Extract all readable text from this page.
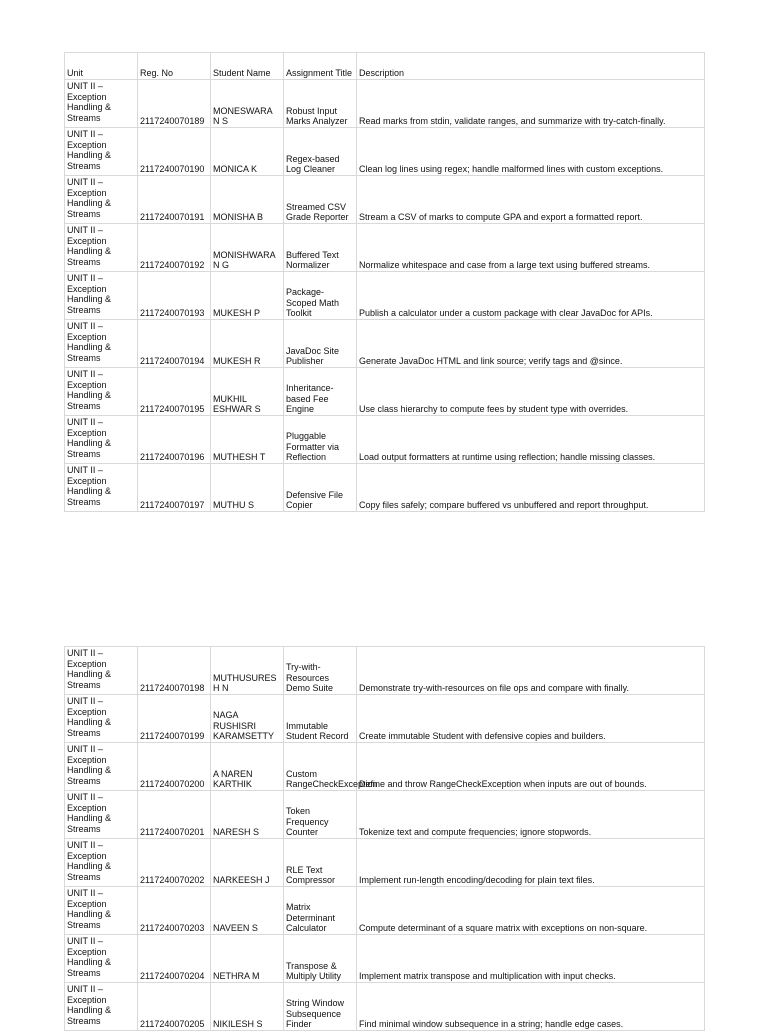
Unit	Reg. No	Student Name	Assignment Title	Description
UNIT II – Exception Handling & Streams	2117240070189	MONESWARA N S	Robust Input Marks Analyzer	Read marks from stdin, validate ranges, and summarize with try-catch-finally.
UNIT II – Exception Handling & Streams	2117240070190	MONICA K	Regex-based Log Cleaner	Clean log lines using regex; handle malformed lines with custom exceptions.
UNIT II – Exception Handling & Streams	2117240070191	MONISHA B	Streamed CSV Grade Reporter	Stream a CSV of marks to compute GPA and export a formatted report.
UNIT II – Exception Handling & Streams	2117240070192	MONISHWARA N G	Buffered Text Normalizer	Normalize whitespace and case from a large text using buffered streams.
UNIT II – Exception Handling & Streams	2117240070193	MUKESH P	Package-Scoped Math Toolkit	Publish a calculator under a custom package with clear JavaDoc for APIs.
UNIT II – Exception Handling & Streams	2117240070194	MUKESH R	JavaDoc Site Publisher	Generate JavaDoc HTML and link source; verify tags and @since.
UNIT II – Exception Handling & Streams	2117240070195	MUKHIL ESHWAR S	Inheritance-based Fee Engine	Use class hierarchy to compute fees by student type with overrides.
UNIT II – Exception Handling & Streams	2117240070196	MUTHESH T	Pluggable Formatter via Reflection	Load output formatters at runtime using reflection; handle missing classes.
UNIT II – Exception Handling & Streams	2117240070197	MUTHU S	Defensive File Copier	Copy files safely; compare buffered vs unbuffered and report throughput.
UNIT II – Exception Handling & Streams	2117240070198	MUTHUSURES H N	Try-with-Resources Demo Suite	Demonstrate try-with-resources on file ops and compare with finally.
UNIT II – Exception Handling & Streams	2117240070199	NAGA RUSHISRI KARAMSETTY	Immutable Student Record	Create immutable Student with defensive copies and builders.
UNIT II – Exception Handling & Streams	2117240070200	A NAREN KARTHIK	Custom RangeCheckException	Define and throw RangeCheckException when inputs are out of bounds.
UNIT II – Exception Handling & Streams	2117240070201	NARESH S	Token Frequency Counter	Tokenize text and compute frequencies; ignore stopwords.
UNIT II – Exception Handling & Streams	2117240070202	NARKEESH J	RLE Text Compressor	Implement run-length encoding/decoding for plain text files.
UNIT II – Exception Handling & Streams	2117240070203	NAVEEN S	Matrix Determinant Calculator	Compute determinant of a square matrix with exceptions on non-square.
UNIT II – Exception Handling & Streams	2117240070204	NETHRA M	Transpose & Multiply Utility	Implement matrix transpose and multiplication with input checks.
UNIT II – Exception Handling & Streams	2117240070205	NIKILESH S	String Window Subsequence Finder	Find minimal window subsequence in a string; handle edge cases.
